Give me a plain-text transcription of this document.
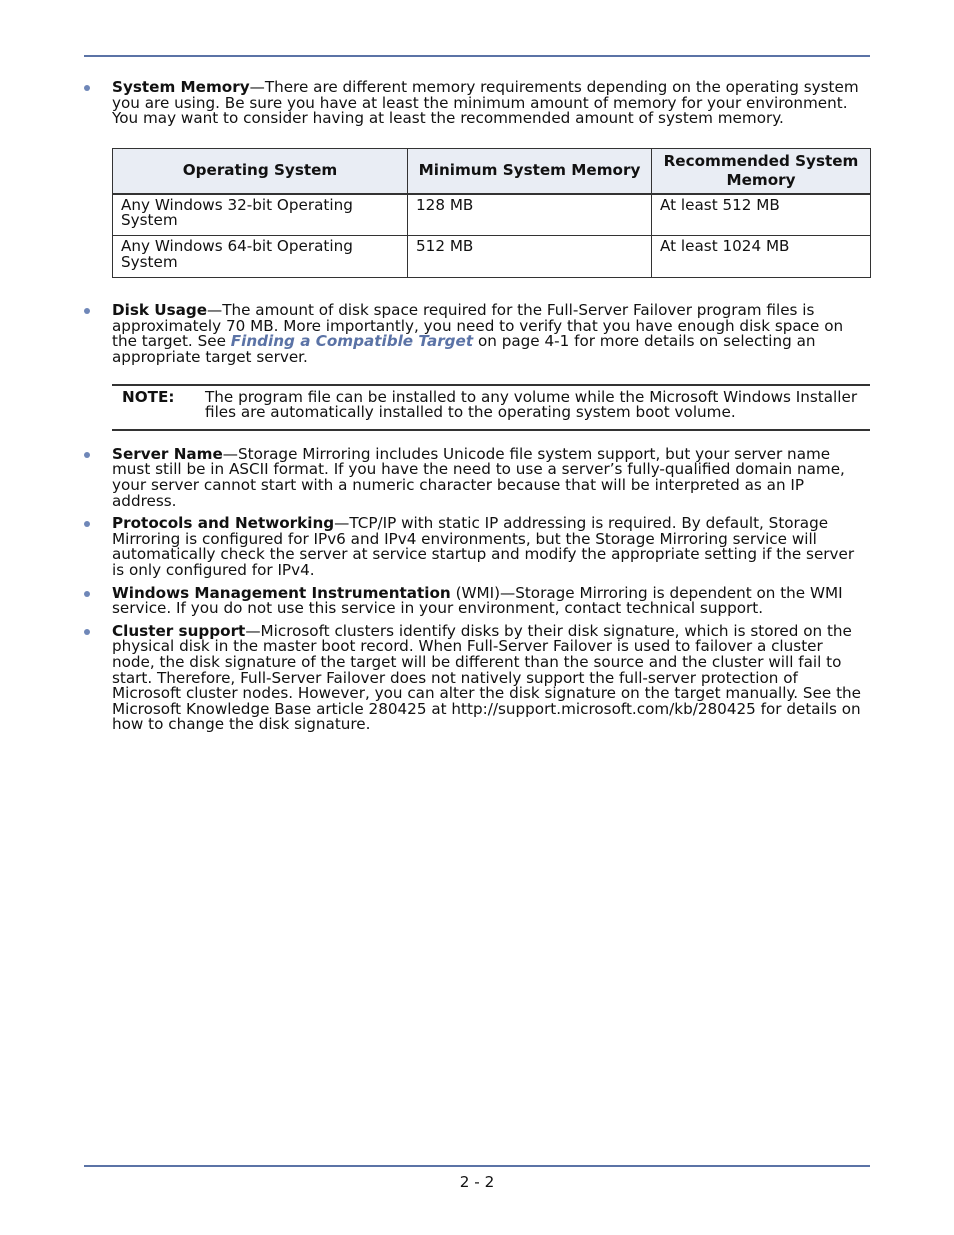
System Memory—There are different memory requirements depending on the operating system you are using. Be sure you have at least the minimum amount of memory for your environment. You may want to consider having at least the recommended amount of system memory.

Operating System	Minimum System Memory	Recommended System Memory
Any Windows 32-bit Operating System	128 MB	At least 512 MB
Any Windows 64-bit Operating System	512 MB	At least 1024 MB

Disk Usage—The amount of disk space required for the Full-Server Failover program files is approximately 70 MB. More importantly, you need to verify that you have enough disk space on the target. See Finding a Compatible Target on page 4-1 for more details on selecting an appropriate target server.

NOTE:	The program file can be installed to any volume while the Microsoft Windows Installer files are automatically installed to the operating system boot volume.

Server Name—Storage Mirroring includes Unicode file system support, but your server name must still be in ASCII format. If you have the need to use a server’s fully-qualified domain name, your server cannot start with a numeric character because that will be interpreted as an IP address.

Protocols and Networking—TCP/IP with static IP addressing is required. By default, Storage Mirroring is configured for IPv6 and IPv4 environments, but the Storage Mirroring service will automatically check the server at service startup and modify the appropriate setting if the server is only configured for IPv4.

Windows Management Instrumentation (WMI)—Storage Mirroring is dependent on the WMI service. If you do not use this service in your environment, contact technical support.

Cluster support—Microsoft clusters identify disks by their disk signature, which is stored on the physical disk in the master boot record. When Full-Server Failover is used to failover a cluster node, the disk signature of the target will be different than the source and the cluster will fail to start. Therefore, Full-Server Failover does not natively support the full-server protection of Microsoft cluster nodes. However, you can alter the disk signature on the target manually. See the Microsoft Knowledge Base article 280425 at http://support.microsoft.com/kb/280425 for details on how to change the disk signature.

2 - 2
